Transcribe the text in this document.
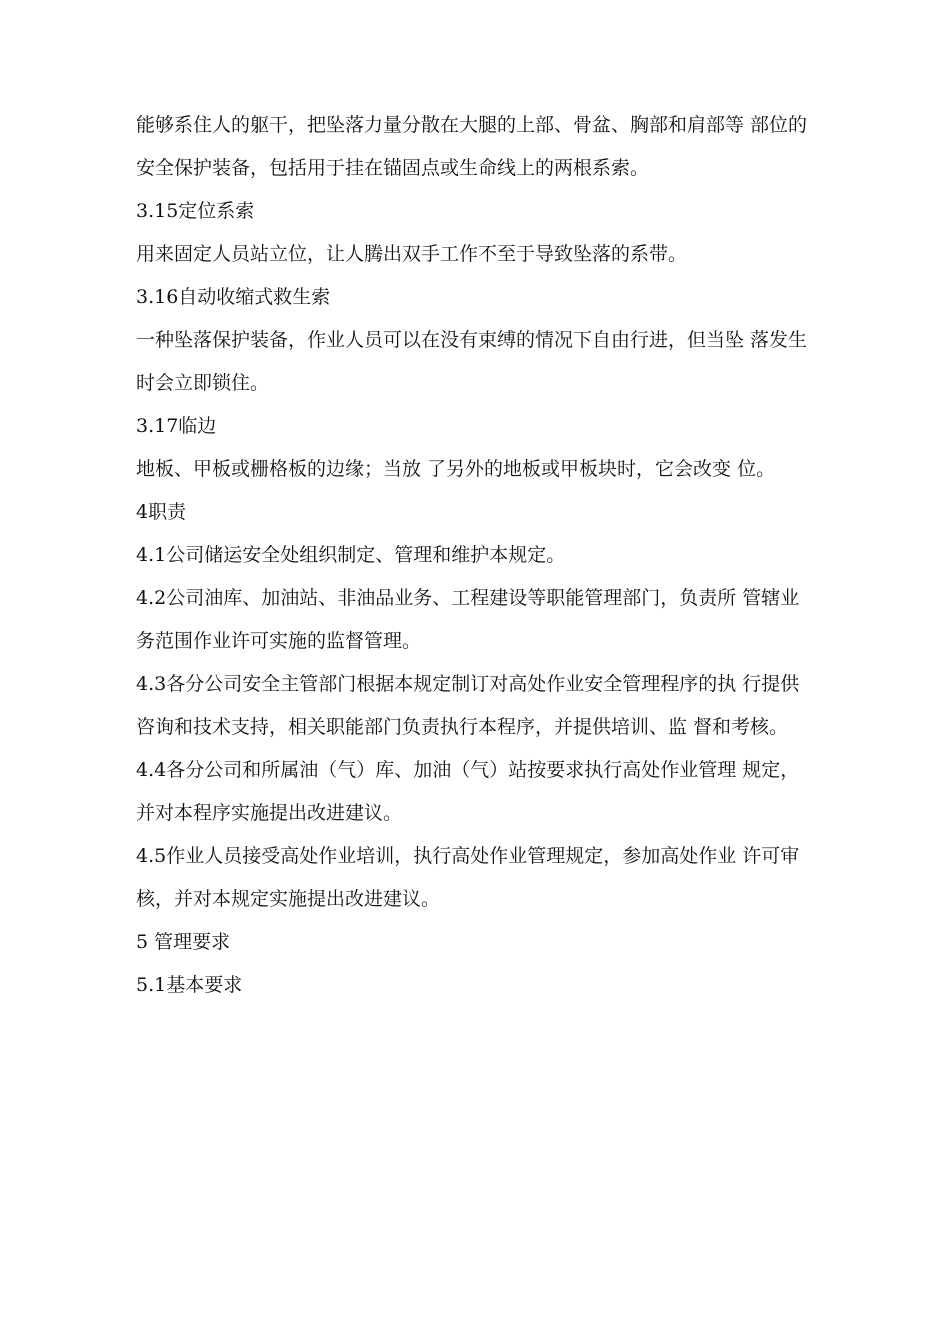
能够系住人的躯干，把坠落力量分散在大腿的上部、骨盆、胸部和肩部等 部位的
安全保护装备，包括用于挂在锚固点或生命线上的两根系索。
3.15定位系索
用来固定人员站立位，让人腾出双手工作不至于导致坠落的系带。
3.16自动收缩式救生索
一种坠落保护装备，作业人员可以在没有束缚的情况下自由行进，但当坠 落发生
时会立即锁住。
3.17临边
地板、甲板或栅格板的边缘；当放 了另外的地板或甲板块时，它会改变 位。
4职责
4.1公司储运安全处组织制定、管理和维护本规定。
4.2公司油库、加油站、非油品业务、工程建设等职能管理部门，负责所 管辖业
务范围作业许可实施的监督管理。
4.3各分公司安全主管部门根据本规定制订对高处作业安全管理程序的执 行提供
咨询和技术支持，相关职能部门负责执行本程序，并提供培训、监 督和考核。
4.4各分公司和所属油（气）库、加油（气）站按要求执行高处作业管理 规定，
并对本程序实施提出改进建议。
4.5作业人员接受高处作业培训，执行高处作业管理规定，参加高处作业 许可审
核，并对本规定实施提出改进建议。
5 管理要求
5.1基本要求
